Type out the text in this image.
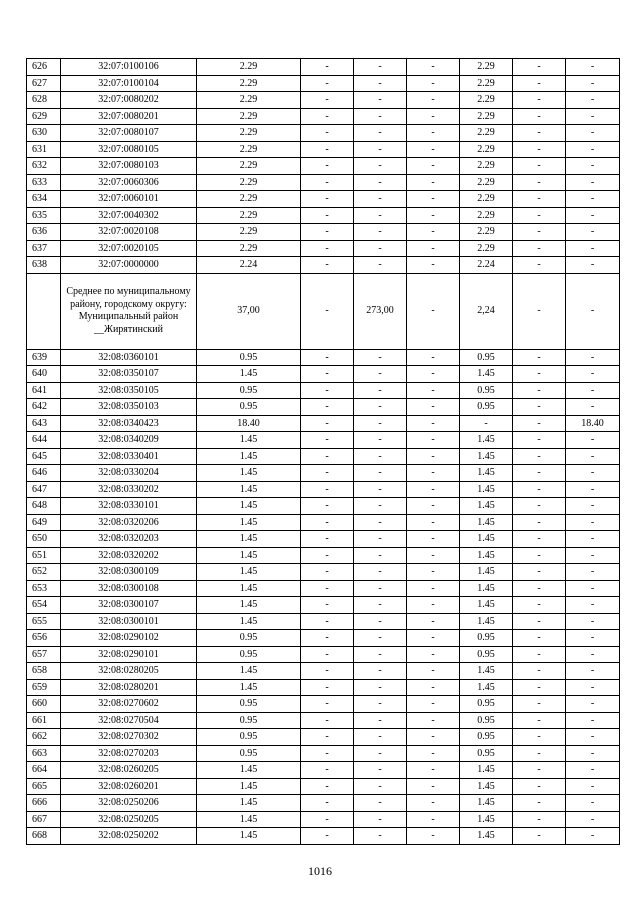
626	32:07:0100106	2.29	-	-	-	2.29	-	-
627	32:07:0100104	2.29	-	-	-	2.29	-	-
628	32:07:0080202	2.29	-	-	-	2.29	-	-
629	32:07:0080201	2.29	-	-	-	2.29	-	-
630	32:07:0080107	2.29	-	-	-	2.29	-	-
631	32:07:0080105	2.29	-	-	-	2.29	-	-
632	32:07:0080103	2.29	-	-	-	2.29	-	-
633	32:07:0060306	2.29	-	-	-	2.29	-	-
634	32:07:0060101	2.29	-	-	-	2.29	-	-
635	32:07:0040302	2.29	-	-	-	2.29	-	-
636	32:07:0020108	2.29	-	-	-	2.29	-	-
637	32:07:0020105	2.29	-	-	-	2.29	-	-
638	32:07:0000000	2.24	-	-	-	2.24	-	-
	Среднее по муниципальному району, городскому округу: Муниципальный район __Жирятинский	37,00	-	273,00	-	2,24	-	-
639	32:08:0360101	0.95	-	-	-	0.95	-	-
640	32:08:0350107	1.45	-	-	-	1.45	-	-
641	32:08:0350105	0.95	-	-	-	0.95	-	-
642	32:08:0350103	0.95	-	-	-	0.95	-	-
643	32:08:0340423	18.40	-	-	-	-	-	18.40
644	32:08:0340209	1.45	-	-	-	1.45	-	-
645	32:08:0330401	1.45	-	-	-	1.45	-	-
646	32:08:0330204	1.45	-	-	-	1.45	-	-
647	32:08:0330202	1.45	-	-	-	1.45	-	-
648	32:08:0330101	1.45	-	-	-	1.45	-	-
649	32:08:0320206	1.45	-	-	-	1.45	-	-
650	32:08:0320203	1.45	-	-	-	1.45	-	-
651	32:08:0320202	1.45	-	-	-	1.45	-	-
652	32:08:0300109	1.45	-	-	-	1.45	-	-
653	32:08:0300108	1.45	-	-	-	1.45	-	-
654	32:08:0300107	1.45	-	-	-	1.45	-	-
655	32:08:0300101	1.45	-	-	-	1.45	-	-
656	32:08:0290102	0.95	-	-	-	0.95	-	-
657	32:08:0290101	0.95	-	-	-	0.95	-	-
658	32:08:0280205	1.45	-	-	-	1.45	-	-
659	32:08:0280201	1.45	-	-	-	1.45	-	-
660	32:08:0270602	0.95	-	-	-	0.95	-	-
661	32:08:0270504	0.95	-	-	-	0.95	-	-
662	32:08:0270302	0.95	-	-	-	0.95	-	-
663	32:08:0270203	0.95	-	-	-	0.95	-	-
664	32:08:0260205	1.45	-	-	-	1.45	-	-
665	32:08:0260201	1.45	-	-	-	1.45	-	-
666	32:08:0250206	1.45	-	-	-	1.45	-	-
667	32:08:0250205	1.45	-	-	-	1.45	-	-
668	32:08:0250202	1.45	-	-	-	1.45	-	-
1016
